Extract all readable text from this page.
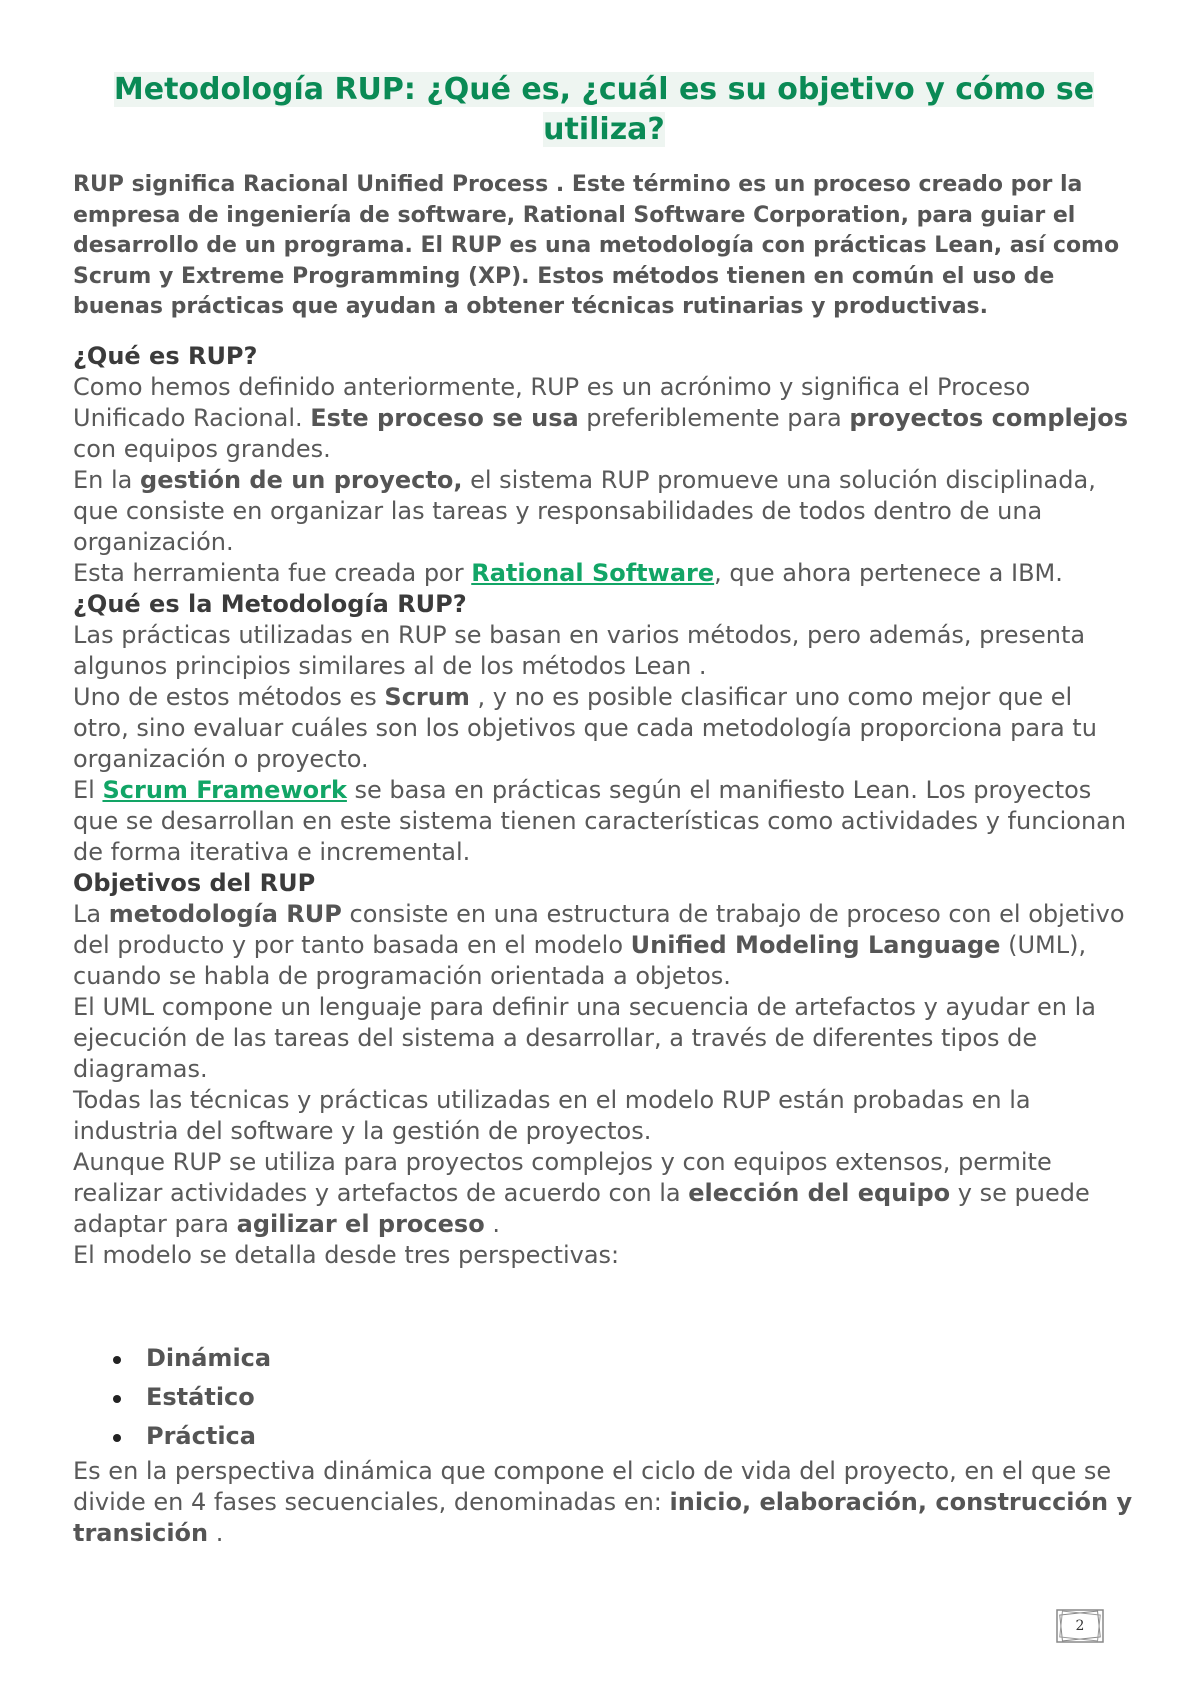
Metodología RUP: ¿Qué es, ¿cuál es su objetivo y cómo se utiliza?
RUP significa Racional Unified Process . Este término es un proceso creado por la empresa de ingeniería de software, Rational Software Corporation, para guiar el desarrollo de un programa. El RUP es una metodología con prácticas Lean, así como Scrum y Extreme Programming (XP). Estos métodos tienen en común el uso de buenas prácticas que ayudan a obtener técnicas rutinarias y productivas.
¿Qué es RUP?

Como hemos definido anteriormente, RUP es un acrónimo y significa el Proceso Unificado Racional. Este proceso se usa preferiblemente para proyectos complejos con equipos grandes.

En la gestión de un proyecto, el sistema RUP promueve una solución disciplinada, que consiste en organizar las tareas y responsabilidades de todos dentro de una organización.

Esta herramienta fue creada por Rational Software, que ahora pertenece a IBM.

¿Qué es la Metodología RUP?

Las prácticas utilizadas en RUP se basan en varios métodos, pero además, presenta algunos principios similares al de los métodos Lean .

Uno de estos métodos es Scrum , y no es posible clasificar uno como mejor que el otro, sino evaluar cuáles son los objetivos que cada metodología proporciona para tu organización o proyecto.

El Scrum Framework se basa en prácticas según el manifiesto Lean. Los proyectos que se desarrollan en este sistema tienen características como actividades y funcionan de forma iterativa e incremental.

Objetivos del RUP

La metodología RUP consiste en una estructura de trabajo de proceso con el objetivo del producto y por tanto basada en el modelo Unified Modeling Language (UML), cuando se habla de programación orientada a objetos.

El UML compone un lenguaje para definir una secuencia de artefactos y ayudar en la ejecución de las tareas del sistema a desarrollar, a través de diferentes tipos de diagramas.

Todas las técnicas y prácticas utilizadas en el modelo RUP están probadas en la industria del software y la gestión de proyectos.

Aunque RUP se utiliza para proyectos complejos y con equipos extensos, permite realizar actividades y artefactos de acuerdo con la elección del equipo y se puede adaptar para agilizar el proceso .

El modelo se detalla desde tres perspectivas:

Dinámica
Estático
Práctica

Es en la perspectiva dinámica que compone el ciclo de vida del proyecto, en el que se divide en 4 fases secuenciales, denominadas en: inicio, elaboración, construcción y transición .

2
